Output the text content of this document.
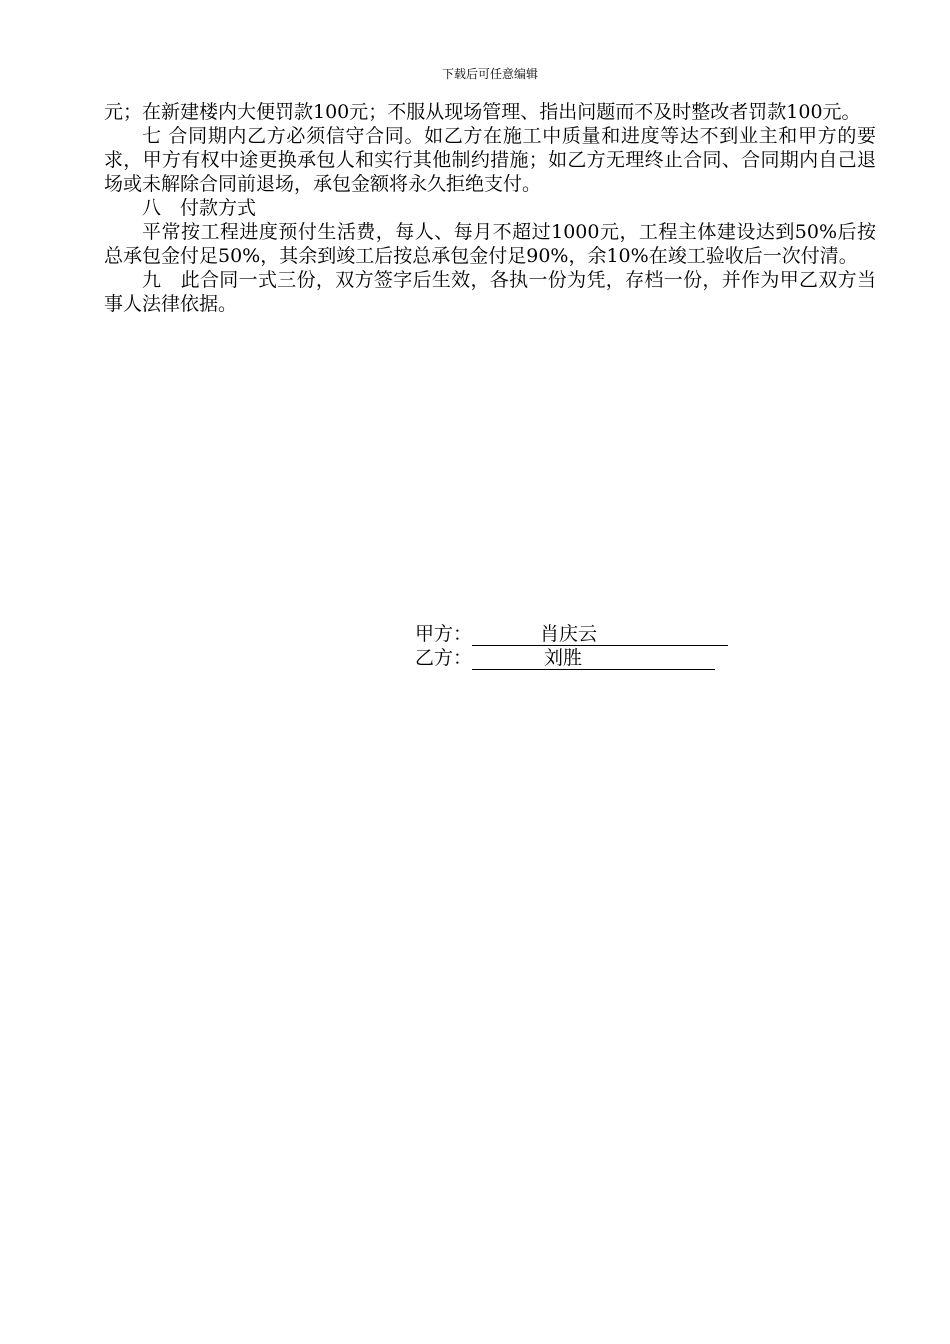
下载后可任意编辑

元；在新建楼内大便罚款100元；不服从现场管理、指出问题而不及时整改者罚款100元。

七 合同期内乙方必须信守合同。如乙方在施工中质量和进度等达不到业主和甲方的要求，甲方有权中途更换承包人和实行其他制约措施；如乙方无理终止合同、合同期内自己退场或未解除合同前退场，承包金额将永久拒绝支付。

八　付款方式

平常按工程进度预付生活费，每人、每月不超过1000元，工程主体建设达到50%后按总承包金付足50%，其余到竣工后按总承包金付足90%，余10%在竣工验收后一次付清。

九　此合同一式三份，双方签字后生效，各执一份为凭，存档一份，并作为甲乙双方当事人法律依据。

甲方：	肖庆云
乙方：	刘胜
